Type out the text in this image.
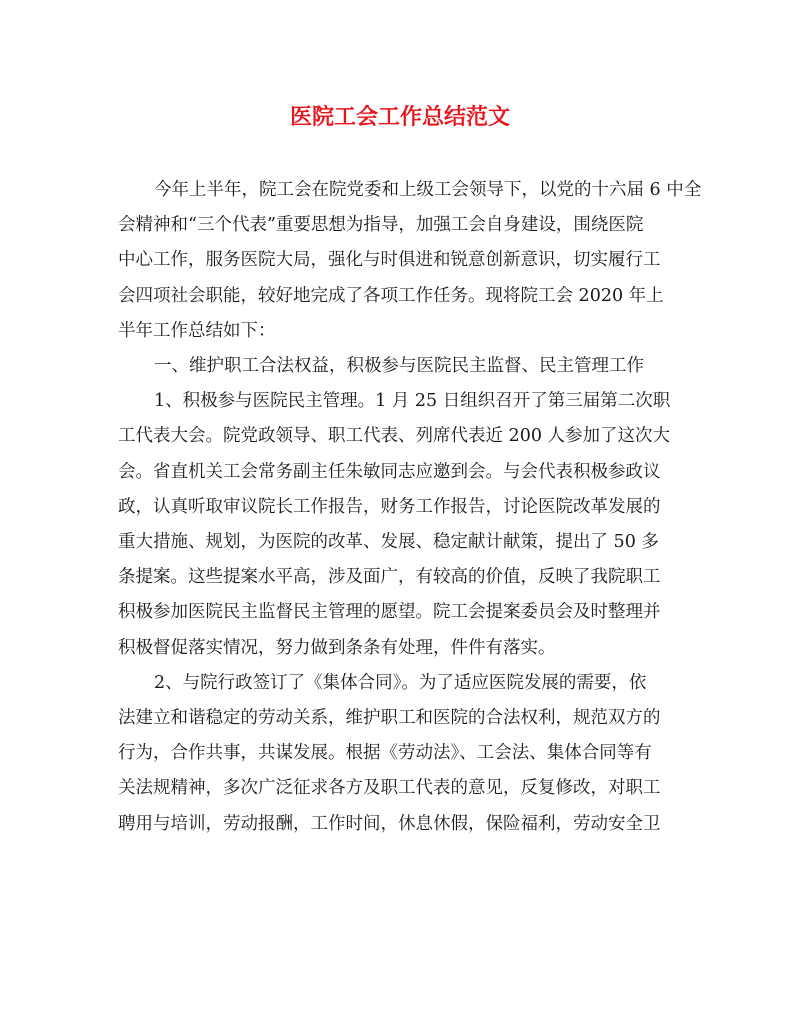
医院工会工作总结范文
今年上半年，院工会在院党委和上级工会领导下，以党的十六届 6 中全
会精神和“三个代表”重要思想为指导，加强工会自身建设，围绕医院
中心工作，服务医院大局，强化与时俱进和锐意创新意识，切实履行工
会四项社会职能，较好地完成了各项工作任务。现将院工会 2020 年上
半年工作总结如下：
一、维护职工合法权益，积极参与医院民主监督、民主管理工作
1、积极参与医院民主管理。1 月 25 日组织召开了第三届第二次职
工代表大会。院党政领导、职工代表、列席代表近 200 人参加了这次大
会。省直机关工会常务副主任朱敏同志应邀到会。与会代表积极参政议
政，认真听取审议院长工作报告，财务工作报告，讨论医院改革发展的
重大措施、规划，为医院的改革、发展、稳定献计献策，提出了 50 多
条提案。这些提案水平高，涉及面广，有较高的价值，反映了我院职工
积极参加医院民主监督民主管理的愿望。院工会提案委员会及时整理并
积极督促落实情况，努力做到条条有处理，件件有落实。
2、与院行政签订了《集体合同》。为了适应医院发展的需要，依
法建立和谐稳定的劳动关系，维护职工和医院的合法权利，规范双方的
行为，合作共事，共谋发展。根据《劳动法》、工会法、集体合同等有
关法规精神，多次广泛征求各方及职工代表的意见，反复修改，对职工
聘用与培训，劳动报酬，工作时间，休息休假，保险福利，劳动安全卫
